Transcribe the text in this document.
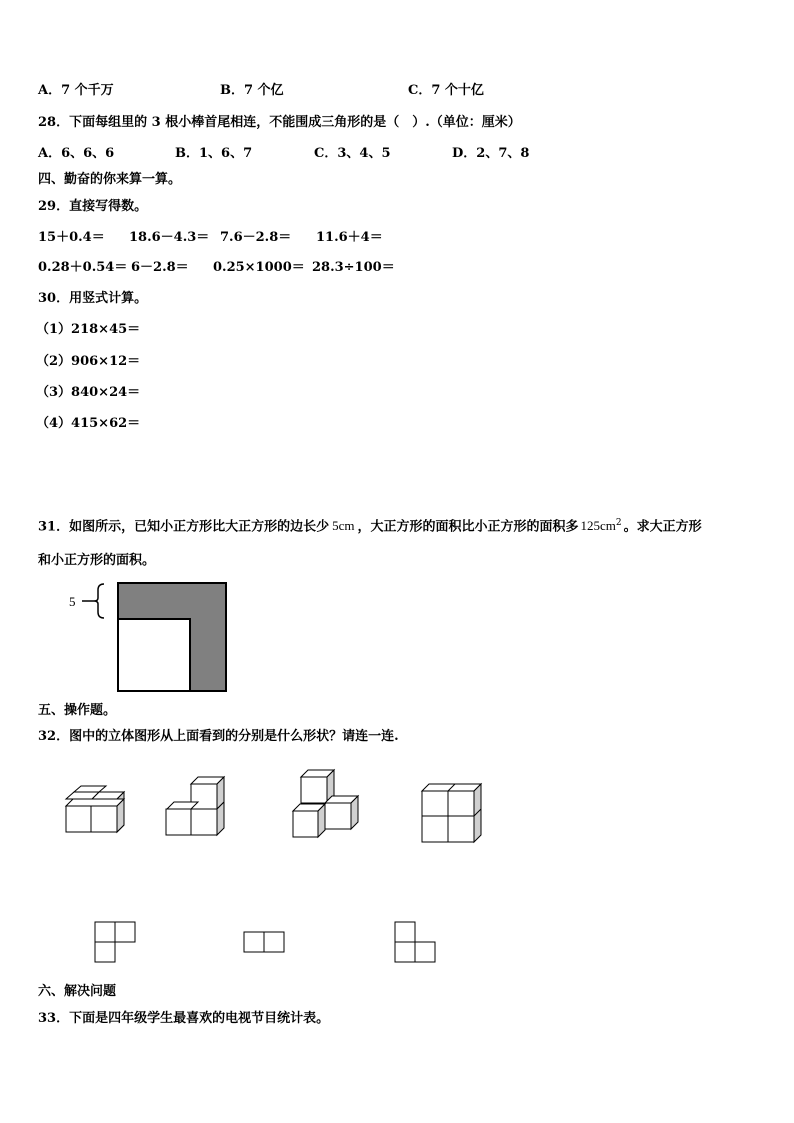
A．7 个千万	B．7 个亿	C．7 个十亿
28．下面每组里的 3 根小棒首尾相连，不能围成三角形的是（　）.（单位：厘米）
A．6、6、6	B．1、6、7	C．3、4、5	D．2、7、8
四、勤奋的你来算一算。
29．直接写得数。
15＋0.4＝ 18.6－4.3＝ 7.6－2.8＝ 11.6＋4＝
0.28＋0.54＝ 6－2.8＝ 0.25×1000＝ 28.3÷100＝
30．用竖式计算。
（1）218×45＝
（2）906×12＝
（3）840×24＝
（4）415×62＝
31．如图所示，已知小正方形比大正方形的边长少 5cm ，大正方形的面积比小正方形的面积多 $125cm^2$ 。求大正方形
和小正方形的面积。
5
五、操作题。
32．图中的立体图形从上面看到的分别是什么形状？请连一连.
六、解决问题
33．下面是四年级学生最喜欢的电视节目统计表。
